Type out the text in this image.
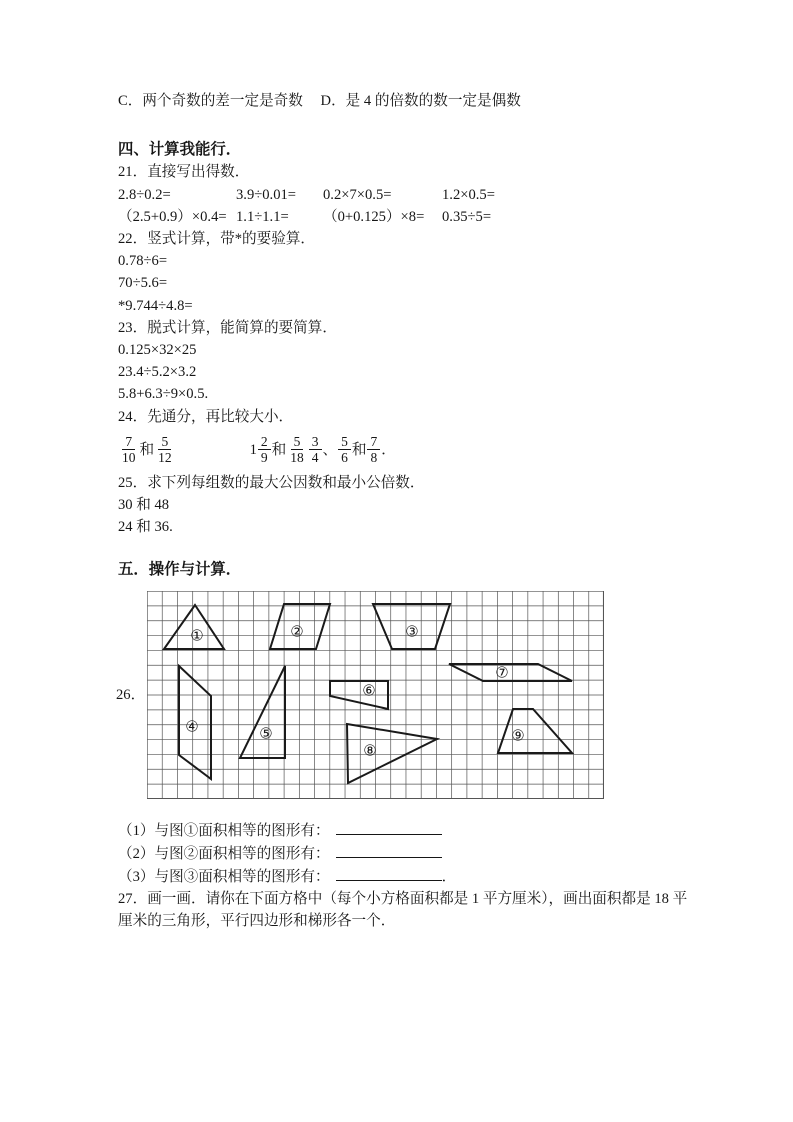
C．两个奇数的差一定是奇数 D．是 4 的倍数的数一定是偶数
四、计算我能行．
21．直接写出得数．
2.8÷0.2=	3.9÷0.01=	0.2×7×0.5=	1.2×0.5=
（2.5+0.9）×0.4= 1.1÷1.1=	（0+0.125）×8=	0.35÷5=
22．竖式计算，带*的要验算．
0.78÷6=
70÷5.6=
*9.744÷4.8=
23．脱式计算，能简算的要简算．
0.125×32×25
23.4÷5.2×3.2
5.8+6.3÷9×0.5.
24．先通分，再比较大小．
$\frac{7}{10}$ 和 $\frac{5}{12}$	$1 \frac{2}{9}$ 和 $\frac{5}{18} \frac{3}{4}$ 、 $\frac{5}{6}$ 和 $\frac{7}{8}$ ．
25．求下列每组数的最大公因数和最小公倍数．
30 和 48
24 和 36.
五．操作与计算．
26．
①	②	③
④	⑤
⑥
⑦
⑧
⑨
（1）与图①面积相等的图形有：
（2）与图②面积相等的图形有：
（3）与图③面积相等的图形有：	．
27．画一画．请你在下面方格中（每个小方格面积都是 1 平方厘米），画出面积都是 18 平
厘米的三角形，平行四边形和梯形各一个．
